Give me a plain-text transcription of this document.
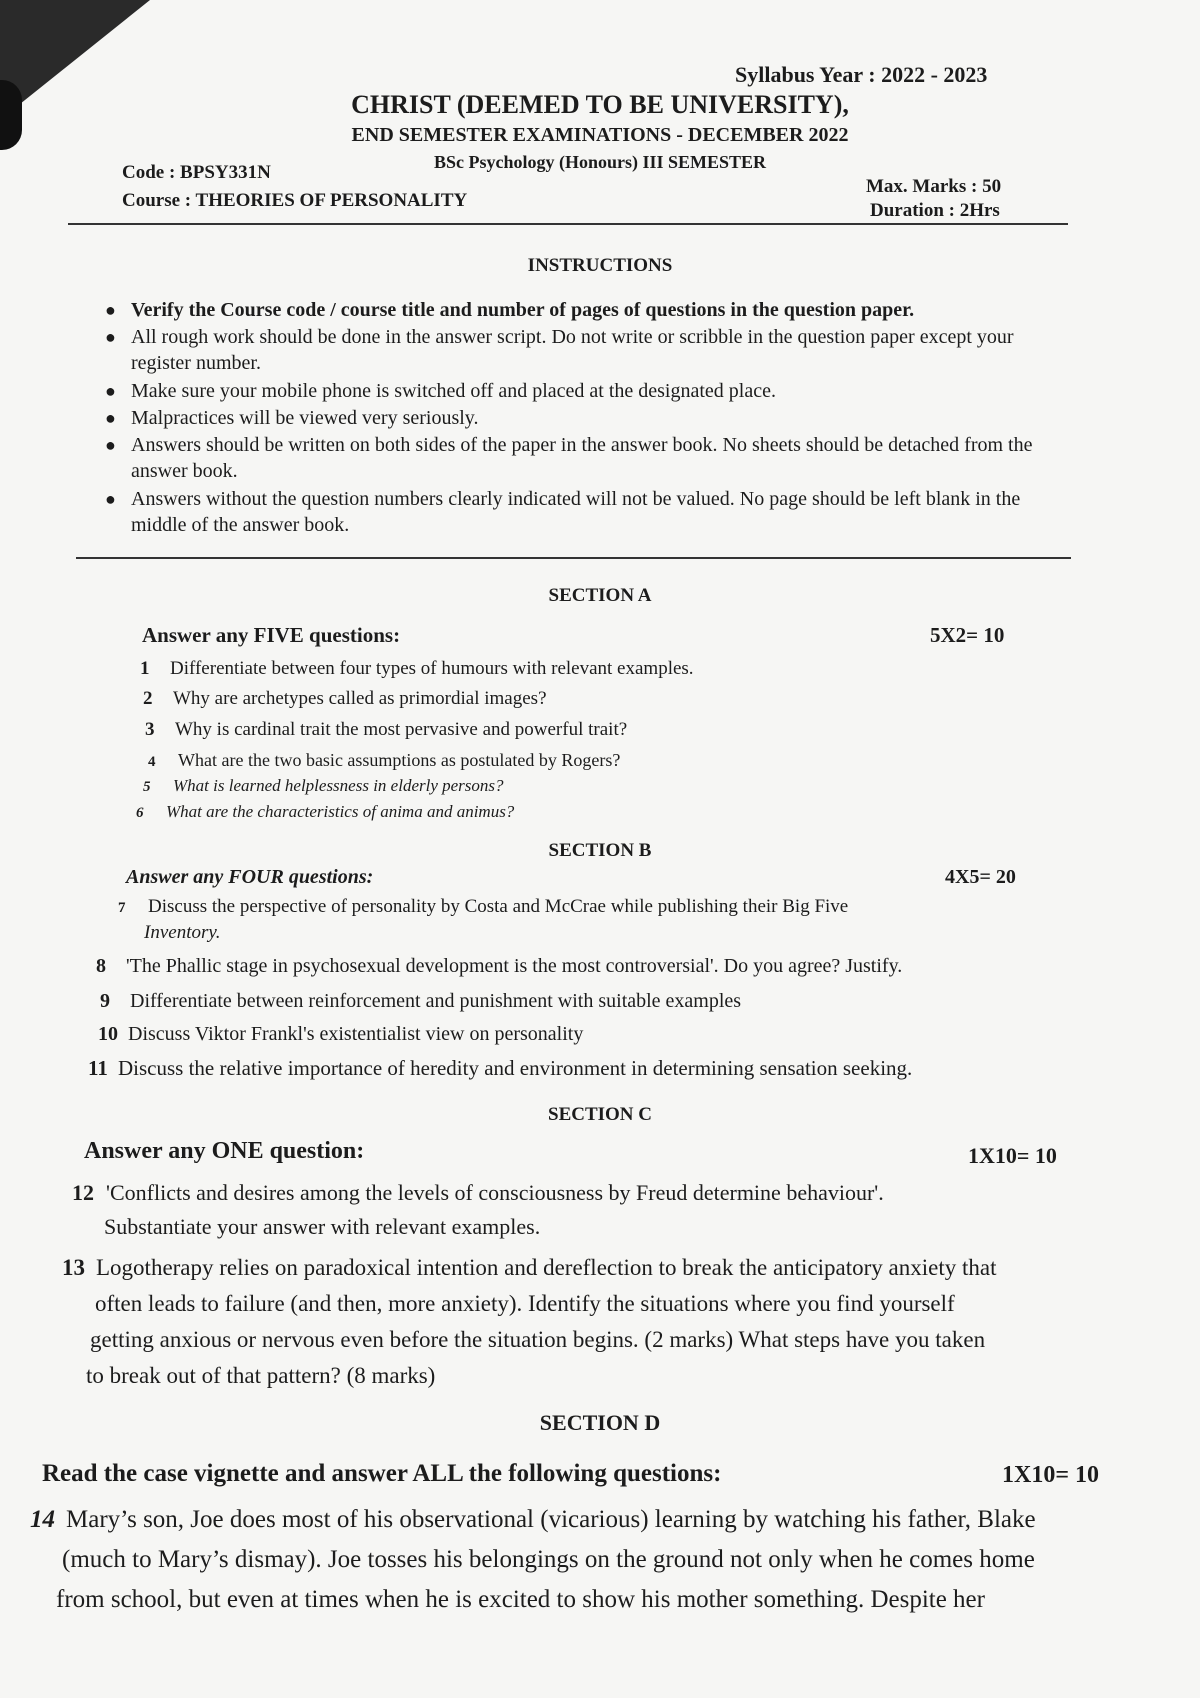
Syllabus Year : 2022 - 2023
CHRIST (DEEMED TO BE UNIVERSITY),
END SEMESTER EXAMINATIONS - DECEMBER 2022
BSc Psychology (Honours) III SEMESTER
Code : BPSY331N
Course : THEORIES OF PERSONALITY
Max. Marks : 50
Duration : 2Hrs
INSTRUCTIONS
● Verify the Course code / course title and number of pages of questions in the question paper.
● All rough work should be done in the answer script. Do not write or scribble in the question paper except your register number.
● Make sure your mobile phone is switched off and placed at the designated place.
● Malpractices will be viewed very seriously.
● Answers should be written on both sides of the paper in the answer book. No sheets should be detached from the answer book.
● Answers without the question numbers clearly indicated will not be valued. No page should be left blank in the middle of the answer book.
SECTION A
Answer any FIVE questions:	5X2= 10
1 Differentiate between four types of humours with relevant examples.
2 Why are archetypes called as primordial images?
3 Why is cardinal trait the most pervasive and powerful trait?
4 What are the two basic assumptions as postulated by Rogers?
5 What is learned helplessness in elderly persons?
6 What are the characteristics of anima and animus?
SECTION B
Answer any FOUR questions:	4X5= 20
7 Discuss the perspective of personality by Costa and McCrae while publishing their Big Five
Inventory.
8 'The Phallic stage in psychosexual development is the most controversial'. Do you agree? Justify.
9 Differentiate between reinforcement and punishment with suitable examples
10 Discuss Viktor Frankl's existentialist view on personality
11 Discuss the relative importance of heredity and environment in determining sensation seeking.
SECTION C
Answer any ONE question:	1X10= 10
12 'Conflicts and desires among the levels of consciousness by Freud determine behaviour'.
Substantiate your answer with relevant examples.
13 Logotherapy relies on paradoxical intention and dereflection to break the anticipatory anxiety that
often leads to failure (and then, more anxiety). Identify the situations where you find yourself
getting anxious or nervous even before the situation begins. (2 marks) What steps have you taken
to break out of that pattern? (8 marks)
SECTION D
Read the case vignette and answer ALL the following questions:	1X10= 10
14 Mary’s son, Joe does most of his observational (vicarious) learning by watching his father, Blake
(much to Mary’s dismay). Joe tosses his belongings on the ground not only when he comes home
from school, but even at times when he is excited to show his mother something. Despite her
